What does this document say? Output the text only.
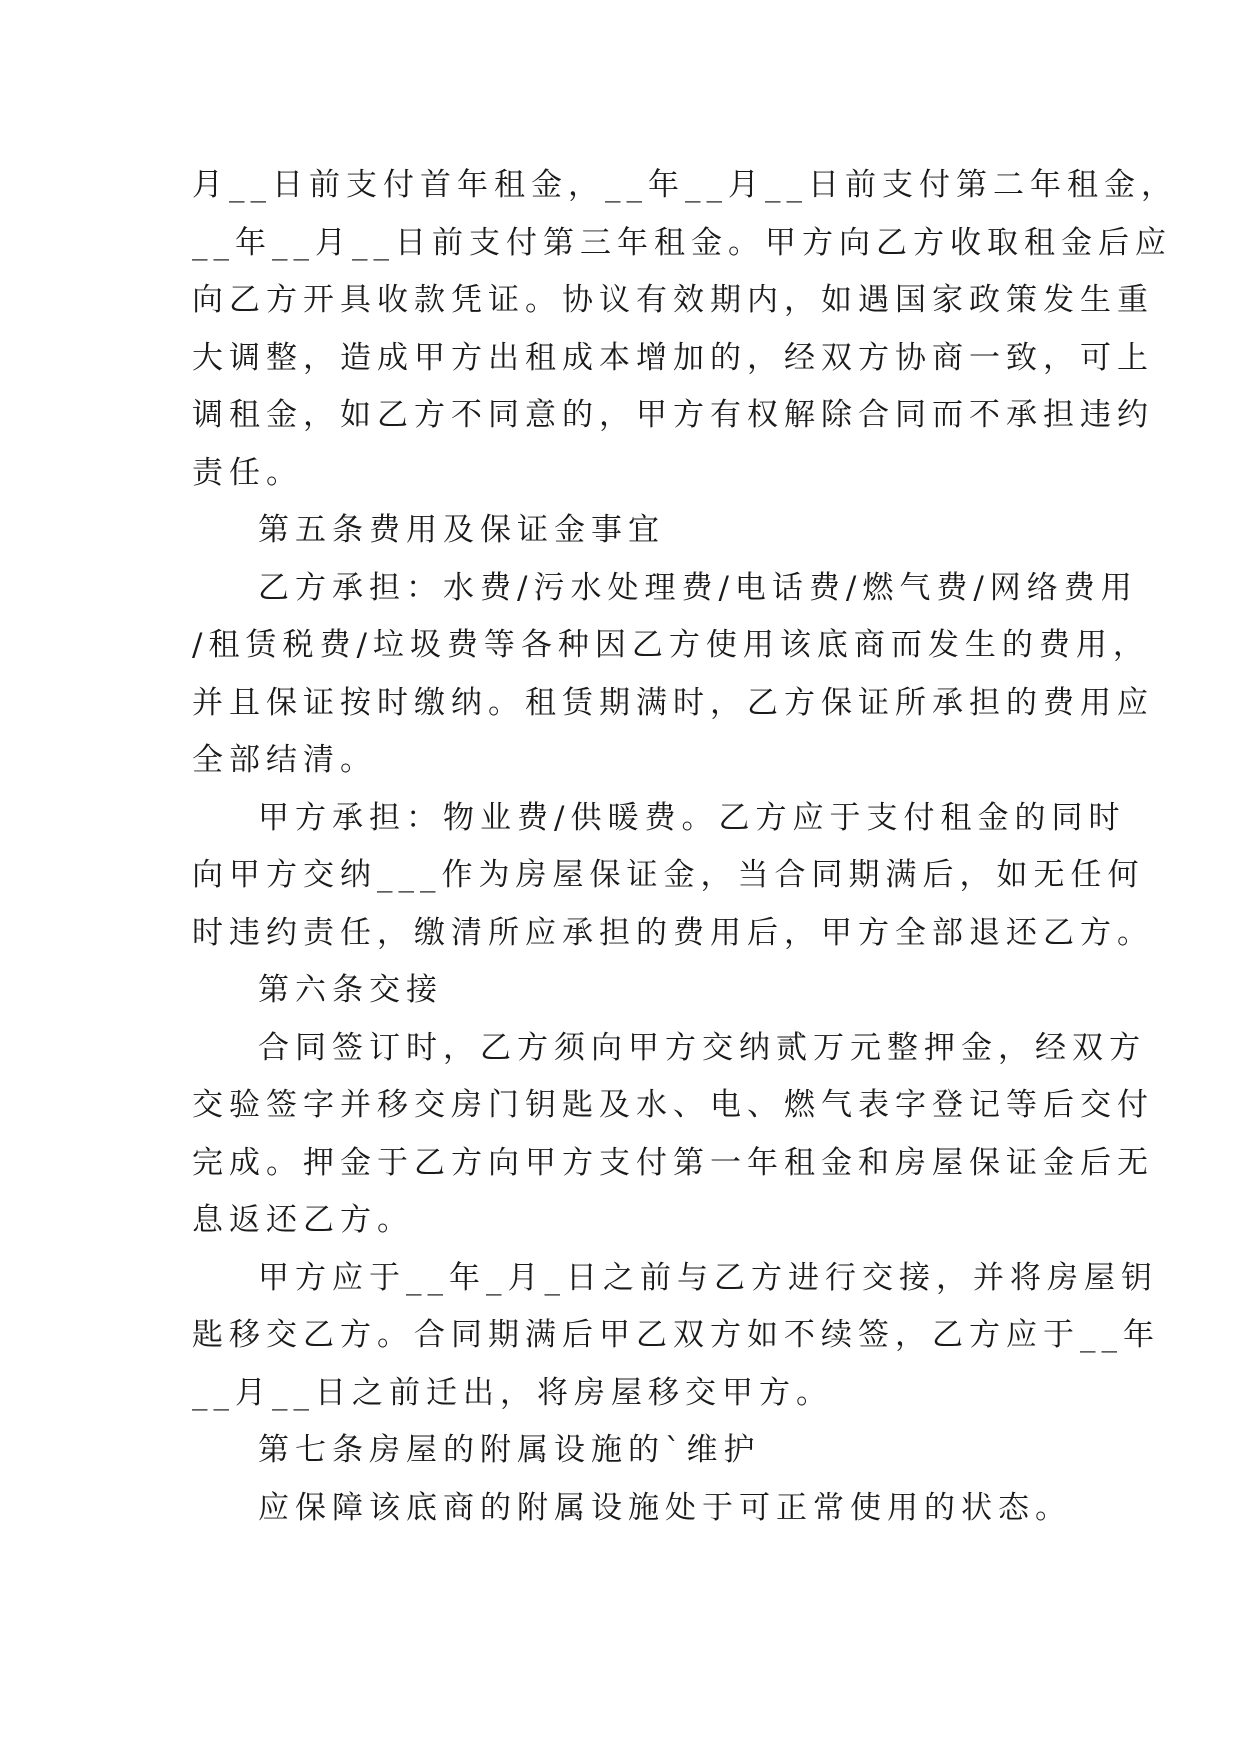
月__日前支付首年租金，__年__月__日前支付第二年租金，

__年__月__日前支付第三年租金。甲方向乙方收取租金后应

向乙方开具收款凭证。协议有效期内，如遇国家政策发生重

大调整，造成甲方出租成本增加的，经双方协商一致，可上

调租金，如乙方不同意的，甲方有权解除合同而不承担违约

责任。

第五条费用及保证金事宜

乙方承担：水费/污水处理费/电话费/燃气费/网络费用

/租赁税费/垃圾费等各种因乙方使用该底商而发生的费用，

并且保证按时缴纳。租赁期满时，乙方保证所承担的费用应

全部结清。

甲方承担：物业费/供暖费。乙方应于支付租金的同时

向甲方交纳___作为房屋保证金，当合同期满后，如无任何

时违约责任，缴清所应承担的费用后，甲方全部退还乙方。

第六条交接

合同签订时，乙方须向甲方交纳贰万元整押金，经双方

交验签字并移交房门钥匙及水、电、燃气表字登记等后交付

完成。押金于乙方向甲方支付第一年租金和房屋保证金后无

息返还乙方。

甲方应于__年_月_日之前与乙方进行交接，并将房屋钥

匙移交乙方。合同期满后甲乙双方如不续签，乙方应于__年

__月__日之前迁出，将房屋移交甲方。

第七条房屋的附属设施的`维护

应保障该底商的附属设施处于可正常使用的状态。
